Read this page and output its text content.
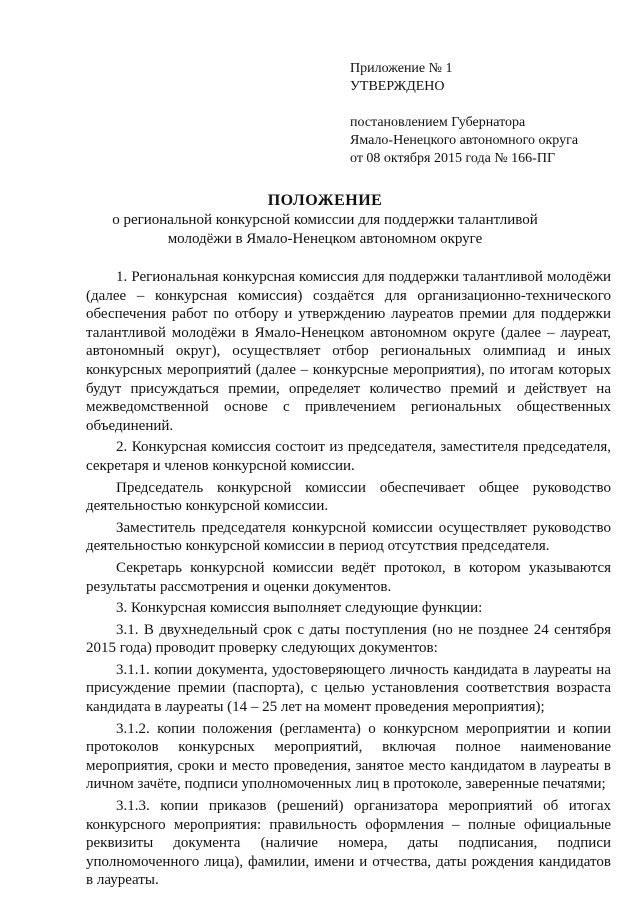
Приложение № 1
УТВЕРЖДЕНО
постановлением Губернатора
Ямало-Ненецкого автономного округа
от 08 октября 2015 года № 166-ПГ
ПОЛОЖЕНИЕ
о региональной конкурсной комиссии для поддержки талантливой молодёжи в Ямало-Ненецком автономном округе

1. Региональная конкурсная комиссия для поддержки талантливой молодёжи (далее – конкурсная комиссия) создаётся для организационно-технического обеспечения работ по отбору и утверждению лауреатов премии для поддержки талантливой молодёжи в Ямало-Ненецком автономном округе (далее – лауреат, автономный округ), осуществляет отбор региональных олимпиад и иных конкурсных мероприятий (далее – конкурсные мероприятия), по итогам которых будут присуждаться премии, определяет количество премий и действует на межведомственной основе с привлечением региональных общественных объединений.

2. Конкурсная комиссия состоит из председателя, заместителя председателя, секретаря и членов конкурсной комиссии.

Председатель конкурсной комиссии обеспечивает общее руководство деятельностью конкурсной комиссии.

Заместитель председателя конкурсной комиссии осуществляет руководство деятельностью конкурсной комиссии в период отсутствия председателя.

Секретарь конкурсной комиссии ведёт протокол, в котором указываются результаты рассмотрения и оценки документов.

3. Конкурсная комиссия выполняет следующие функции:

3.1. В двухнедельный срок с даты поступления (но не позднее 24 сентября 2015 года) проводит проверку следующих документов:

3.1.1. копии документа, удостоверяющего личность кандидата в лауреаты на присуждение премии (паспорта), с целью установления соответствия возраста кандидата в лауреаты (14 – 25 лет на момент проведения мероприятия);

3.1.2. копии положения (регламента) о конкурсном мероприятии и копии протоколов конкурсных мероприятий, включая полное наименование мероприятия, сроки и место проведения, занятое место кандидатом в лауреаты в личном зачёте, подписи уполномоченных лиц в протоколе, заверенные печатями;

3.1.3. копии приказов (решений) организатора мероприятий об итогах конкурсного мероприятия: правильность оформления – полные официальные реквизиты документа (наличие номера, даты подписания, подписи уполномоченного лица), фамилии, имени и отчества, даты рождения кандидатов в лауреаты.
